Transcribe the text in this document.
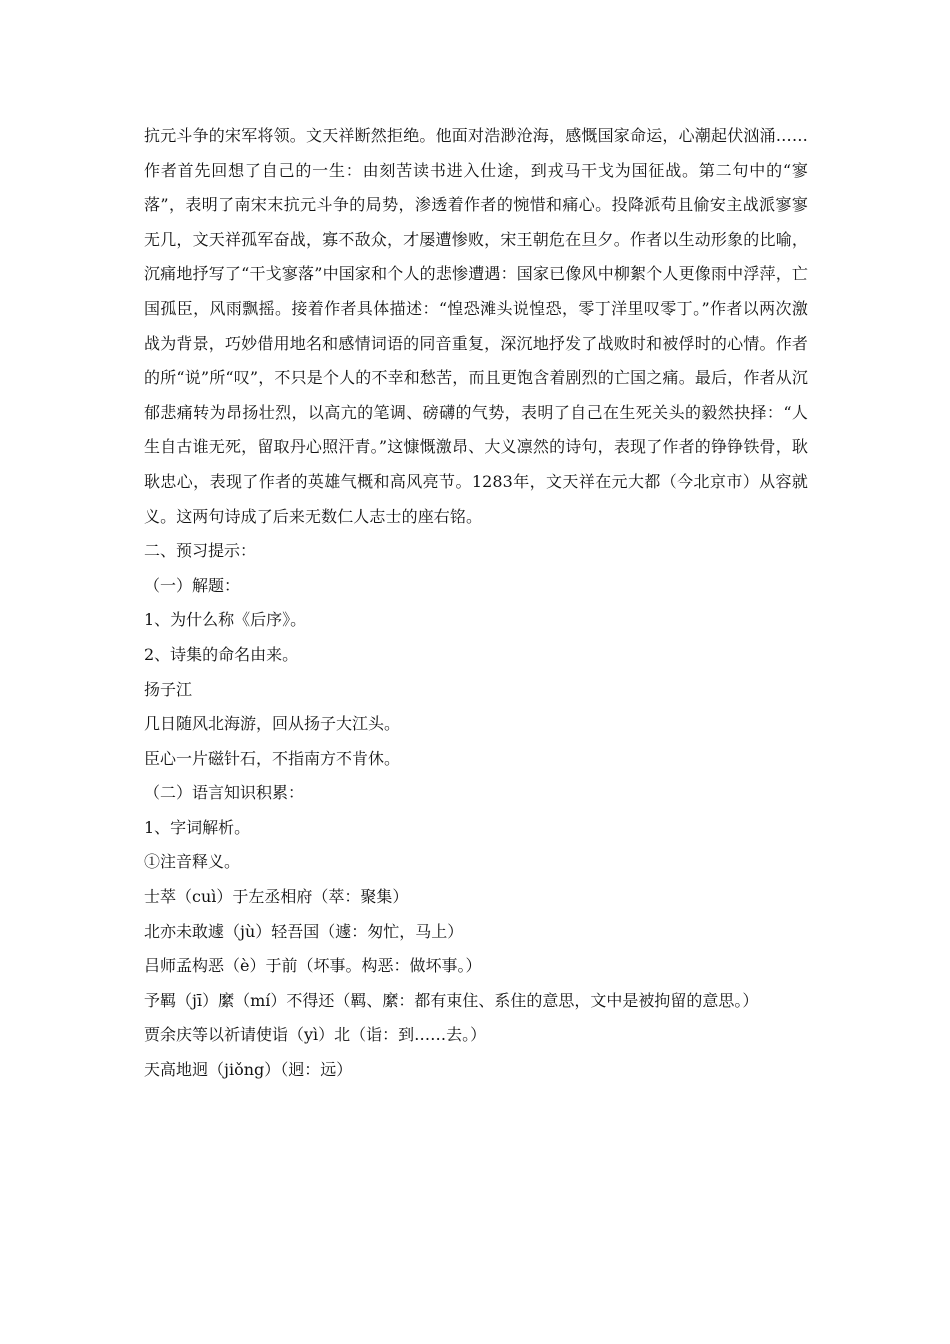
抗元斗争的宋军将领。文天祥断然拒绝。他面对浩渺沧海，感慨国家命运，心潮起伏汹涌……作者首先回想了自己的一生：由刻苦读书进入仕途，到戎马干戈为国征战。第二句中的“寥落”，表明了南宋末抗元斗争的局势，渗透着作者的惋惜和痛心。投降派苟且偷安主战派寥寥无几，文天祥孤军奋战，寡不敌众，才屡遭惨败，宋王朝危在旦夕。作者以生动形象的比喻，沉痛地抒写了“干戈寥落”中国家和个人的悲惨遭遇：国家已像风中柳絮个人更像雨中浮萍，亡国孤臣，风雨飘摇。接着作者具体描述：“惶恐滩头说惶恐，零丁洋里叹零丁。”作者以两次激战为背景，巧妙借用地名和感情词语的同音重复，深沉地抒发了战败时和被俘时的心情。作者的所“说”所“叹”，不只是个人的不幸和愁苦，而且更饱含着剧烈的亡国之痛。最后，作者从沉郁悲痛转为昂扬壮烈，以高亢的笔调、磅礴的气势，表明了自己在生死关头的毅然抉择：“人生自古谁无死，留取丹心照汗青。”这慷慨激昂、大义凛然的诗句，表现了作者的铮铮铁骨，耿耿忠心，表现了作者的英雄气概和高风亮节。1283年，文天祥在元大都（今北京市）从容就义。这两句诗成了后来无数仁人志士的座右铭。

二、预习提示：

（一）解题：

1、为什么称《后序》。

2、诗集的命名由来。

扬子江

几日随风北海游，回从扬子大江头。

臣心一片磁针石，不指南方不肯休。

（二）语言知识积累：

1、字词解析。

①注音释义。

士萃（cuì）于左丞相府（萃：聚集）

北亦未敢遽（jù）轻吾国（遽：匆忙，马上）

吕师孟构恶（è）于前（坏事。构恶：做坏事。）

予羁（jī）縻（mí）不得还（羁、縻：都有束住、系住的意思，文中是被拘留的意思。）

贾余庆等以祈请使诣（yì）北（诣：到……去。）

天高地迥（jiǒng）（迥：远）
